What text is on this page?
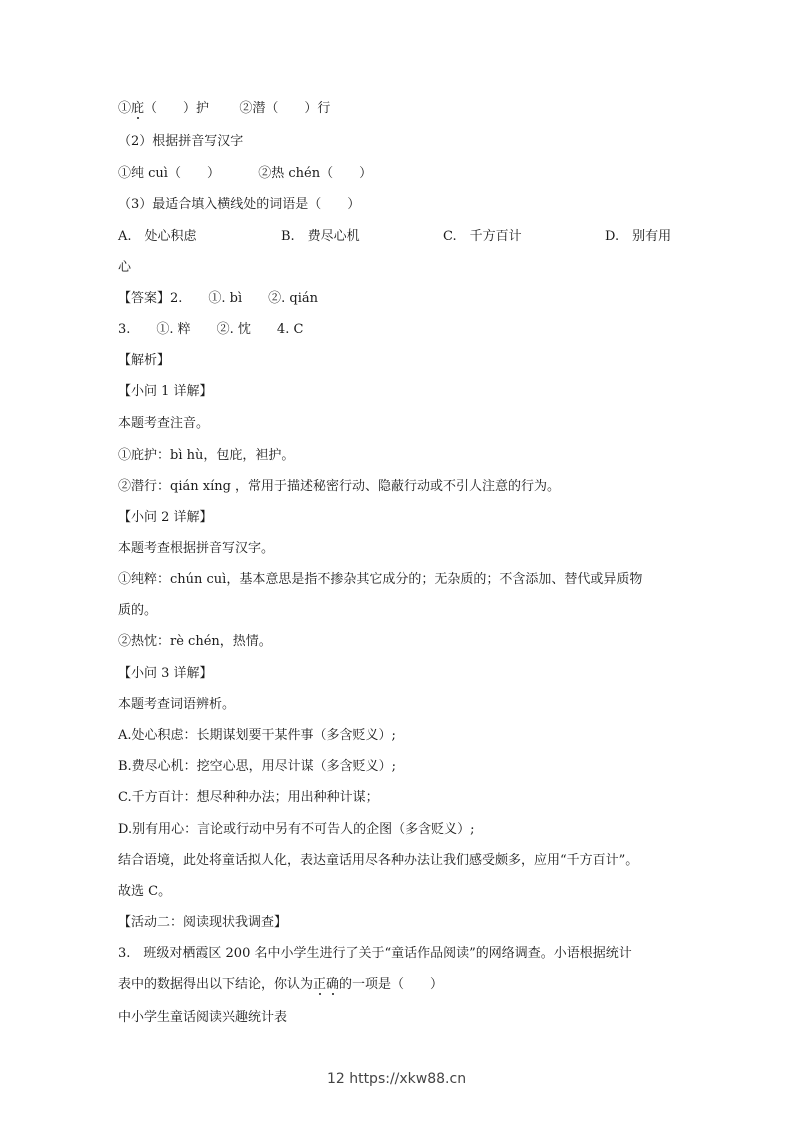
①庇（　　）护 ②潜（　　）行
（2）根据拼音写汉字
①纯 cuì（　　）	②热 chén（　　）
（3）最适合填入横线处的词语是（　　）
A.　处心积虑	B.　费尽心机	C.　千方百计	D.　别有用
心
【答案】2.　　①. bì　　②. qián
3.　　①. 粹　　②. 忱　　4. C
【解析】
【小问 1 详解】
本题考查注音。
①庇护：bì hù，包庇，袒护。
②潜行：qián xíng ，常用于描述秘密行动、隐蔽行动或不引人注意的行为。
【小问 2 详解】
本题考查根据拼音写汉字。
①纯粹：chún cuì，基本意思是指不掺杂其它成分的；无杂质的；不含添加、替代或异质物
质的。
②热忱：rè chén，热情。
【小问 3 详解】
本题考查词语辨析。
A.处心积虑：长期谋划要干某件事（多含贬义）;
B.费尽心机：挖空心思，用尽计谋（多含贬义）;
C.千方百计：想尽种种办法；用出种种计谋；
D.别有用心：言论或行动中另有不可告人的企图（多含贬义）;
结合语境，此处将童话拟人化，表达童话用尽各种办法让我们感受颇多，应用“千方百计”。
故选 C。
【活动二：阅读现状我调查】
3.　班级对栖霞区 200 名中小学生进行了关于“童话作品阅读”的网络调查。小语根据统计
表中的数据得出以下结论，你认为正确的一项是（　　）
中小学生童话阅读兴趣统计表
12 https://xkw88.cn
